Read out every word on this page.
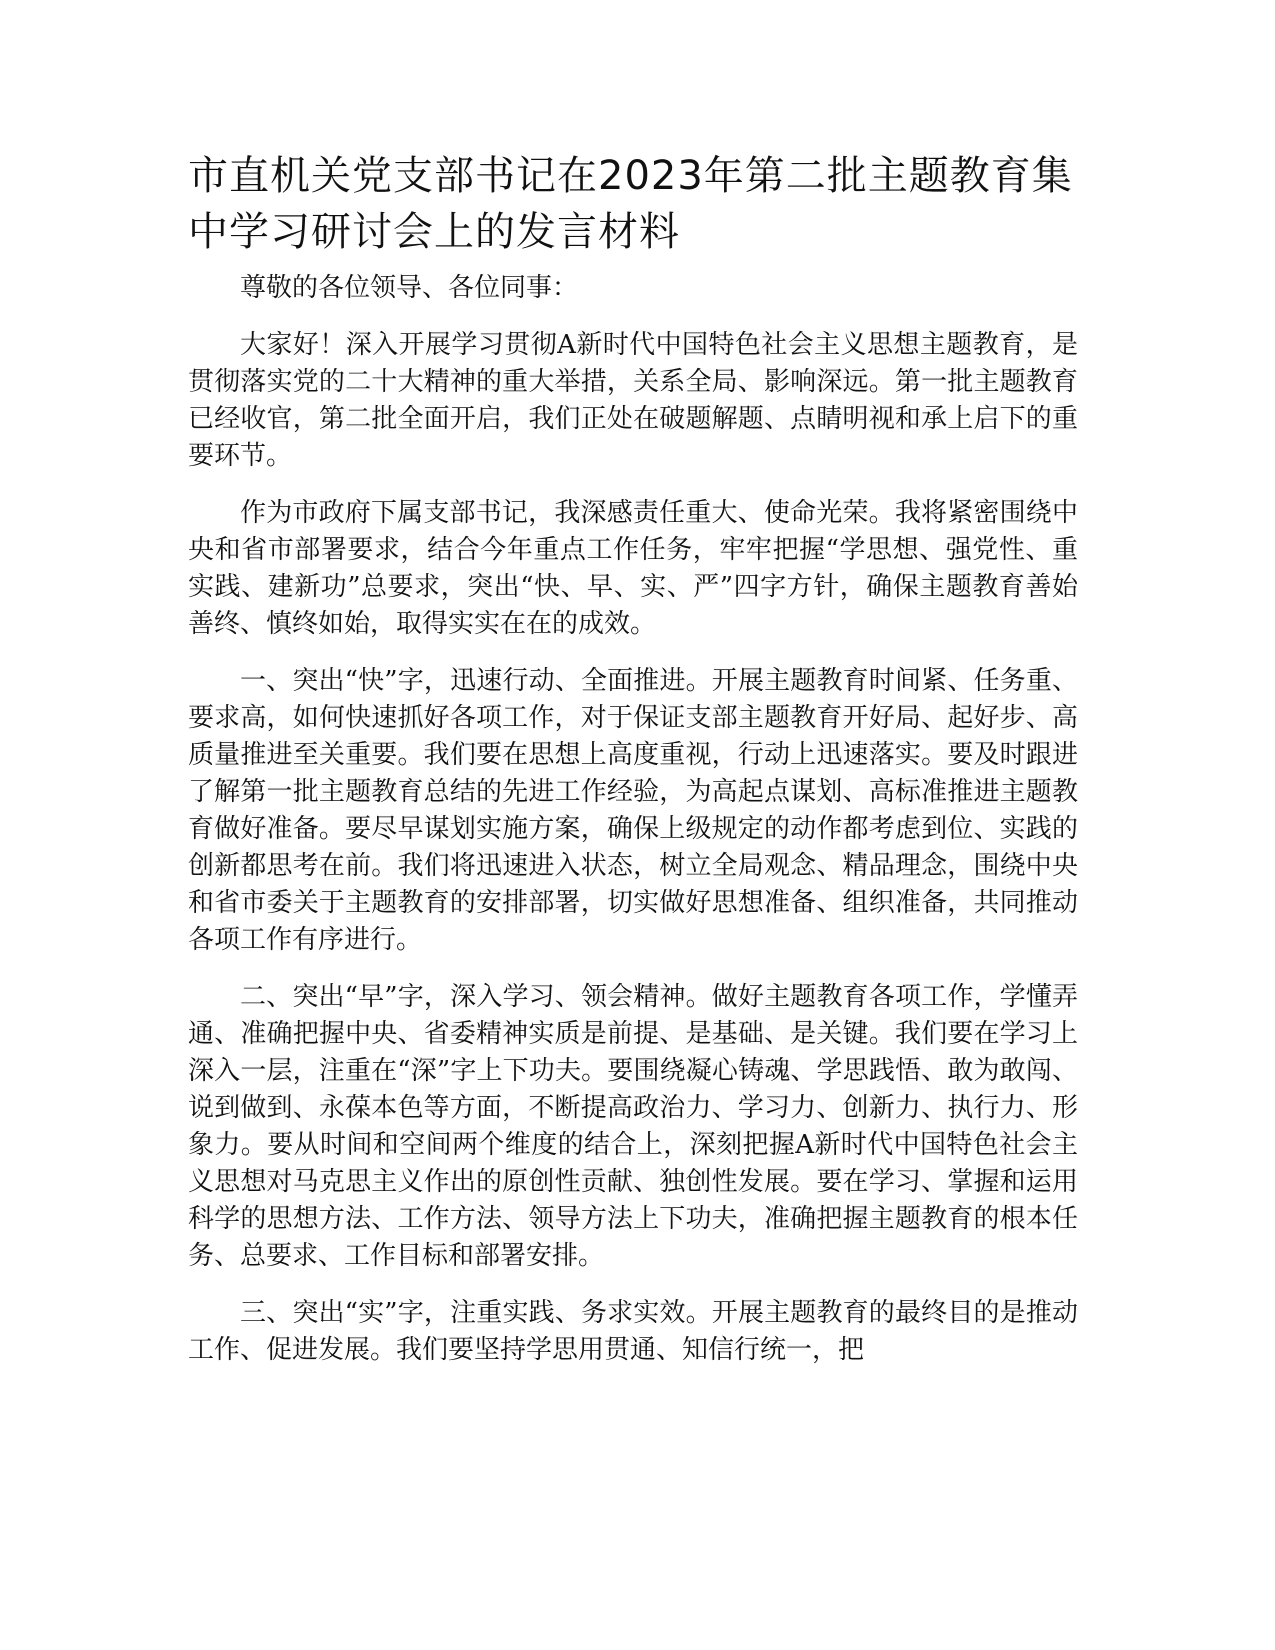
市直机关党支部书记在2023年第二批主题教育集中学习研讨会上的发言材料

尊敬的各位领导、各位同事：

大家好！深入开展学习贯彻A新时代中国特色社会主义思想主题教育，是贯彻落实党的二十大精神的重大举措，关系全局、影响深远。第一批主题教育已经收官，第二批全面开启，我们正处在破题解题、点睛明视和承上启下的重要环节。

作为市政府下属支部书记，我深感责任重大、使命光荣。我将紧密围绕中央和省市部署要求，结合今年重点工作任务，牢牢把握“学思想、强党性、重实践、建新功”总要求，突出“快、早、实、严”四字方针，确保主题教育善始善终、慎终如始，取得实实在在的成效。

一、突出“快”字，迅速行动、全面推进。开展主题教育时间紧、任务重、要求高，如何快速抓好各项工作，对于保证支部主题教育开好局、起好步、高质量推进至关重要。我们要在思想上高度重视，行动上迅速落实。要及时跟进了解第一批主题教育总结的先进工作经验，为高起点谋划、高标准推进主题教育做好准备。要尽早谋划实施方案，确保上级规定的动作都考虑到位、实践的创新都思考在前。我们将迅速进入状态，树立全局观念、精品理念，围绕中央和省市委关于主题教育的安排部署，切实做好思想准备、组织准备，共同推动各项工作有序进行。

二、突出“早”字，深入学习、领会精神。做好主题教育各项工作，学懂弄通、准确把握中央、省委精神实质是前提、是基础、是关键。我们要在学习上深入一层，注重在“深”字上下功夫。要围绕凝心铸魂、学思践悟、敢为敢闯、说到做到、永葆本色等方面，不断提高政治力、学习力、创新力、执行力、形象力。要从时间和空间两个维度的结合上，深刻把握A新时代中国特色社会主义思想对马克思主义作出的原创性贡献、独创性发展。要在学习、掌握和运用科学的思想方法、工作方法、领导方法上下功夫，准确把握主题教育的根本任务、总要求、工作目标和部署安排。

三、突出“实”字，注重实践、务求实效。开展主题教育的最终目的是推动工作、促进发展。我们要坚持学思用贯通、知信行统一，把
